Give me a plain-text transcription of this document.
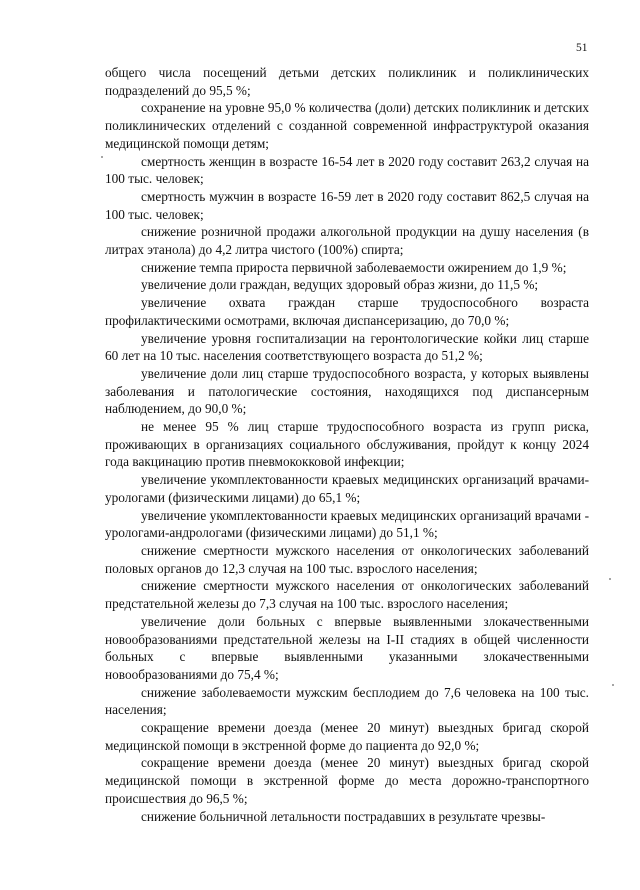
51

общего числа посещений детьми детских поликлиник и поликлинических подразделений до 95,5 %;

сохранение на уровне 95,0 % количества (доли) детских поликлиник и детских поликлинических отделений с созданной современной инфраструктурой оказания медицинской помощи детям;

смертность женщин в возрасте 16-54 лет в 2020 году составит 263,2 случая на 100 тыс. человек;

смертность мужчин в возрасте 16-59 лет в 2020 году составит 862,5 случая на 100 тыс. человек;

снижение розничной продажи алкогольной продукции на душу населения (в литрах этанола) до 4,2 литра чистого (100%) спирта;

снижение темпа прироста первичной заболеваемости ожирением до 1,9 %;

увеличение доли граждан, ведущих здоровый образ жизни, до 11,5 %;

увеличение охвата граждан старше трудоспособного возраста профилактическими осмотрами, включая диспансеризацию, до 70,0 %;

увеличение уровня госпитализации на геронтологические койки лиц старше 60 лет на 10 тыс. населения соответствующего возраста до 51,2 %;

увеличение доли лиц старше трудоспособного возраста, у которых выявлены заболевания и патологические состояния, находящихся под диспансерным наблюдением, до 90,0 %;

не менее 95 % лиц старше трудоспособного возраста из групп риска, проживающих в организациях социального обслуживания, пройдут к концу 2024 года вакцинацию против пневмококковой инфекции;

увеличение укомплектованности краевых медицинских организаций врачами-урологами (физическими лицами) до 65,1 %;

увеличение укомплектованности краевых медицинских организаций врачами - урологами-андрологами (физическими лицами) до 51,1 %;

снижение смертности мужского населения от онкологических заболеваний половых органов до 12,3 случая на 100 тыс. взрослого населения;

снижение смертности мужского населения от онкологических заболеваний предстательной железы до 7,3 случая на 100 тыс. взрослого населения;

увеличение доли больных с впервые выявленными злокачественными новообразованиями предстательной железы на I-II стадиях в общей численности больных с впервые выявленными указанными злокачественными новообразованиями до 75,4 %;

снижение заболеваемости мужским бесплодием до 7,6 человека на 100 тыс. населения;

сокращение времени доезда (менее 20 минут) выездных бригад скорой медицинской помощи в экстренной форме до пациента до 92,0 %;

сокращение времени доезда (менее 20 минут) выездных бригад скорой медицинской помощи в экстренной форме до места дорожно-транспортного происшествия до 96,5 %;

снижение больничной летальности пострадавших в результате чрезвы-
